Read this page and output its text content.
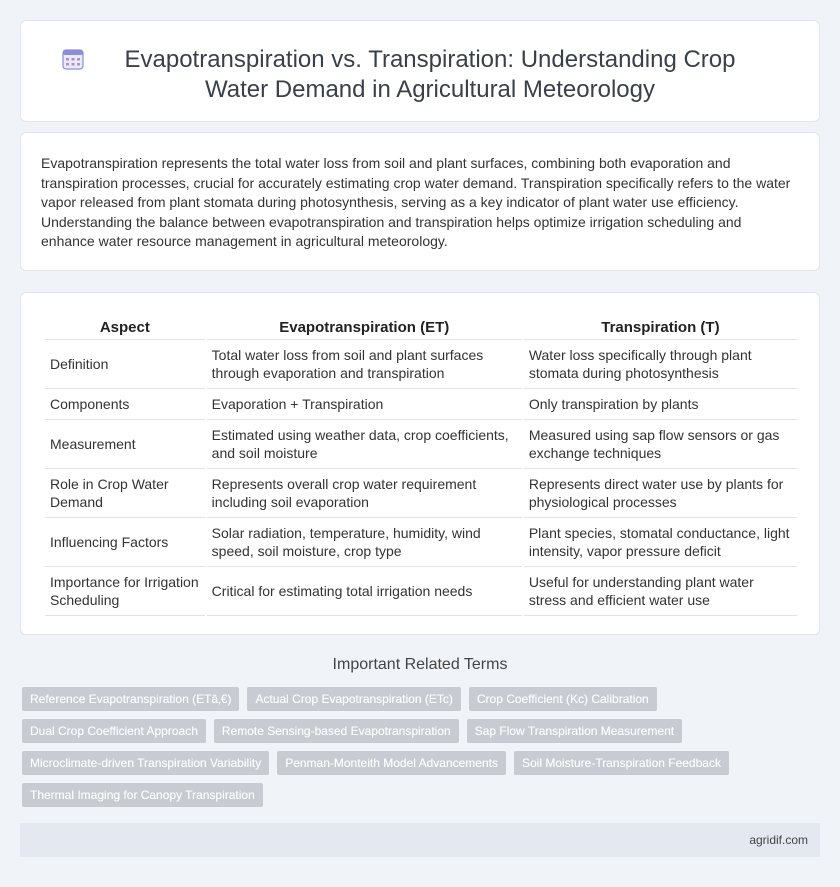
Evapotranspiration vs. Transpiration: Understanding Crop Water Demand in Agricultural Meteorology

Evapotranspiration represents the total water loss from soil and plant surfaces, combining both evaporation and transpiration processes, crucial for accurately estimating crop water demand. Transpiration specifically refers to the water vapor released from plant stomata during photosynthesis, serving as a key indicator of plant water use efficiency. Understanding the balance between evapotranspiration and transpiration helps optimize irrigation scheduling and enhance water resource management in agricultural meteorology.

Aspect	Evapotranspiration (ET)	Transpiration (T)
Definition	Total water loss from soil and plant surfaces through evaporation and transpiration	Water loss specifically through plant stomata during photosynthesis
Components	Evaporation + Transpiration	Only transpiration by plants
Measurement	Estimated using weather data, crop coefficients, and soil moisture	Measured using sap flow sensors or gas exchange techniques
Role in Crop Water Demand	Represents overall crop water requirement including soil evaporation	Represents direct water use by plants for physiological processes
Influencing Factors	Solar radiation, temperature, humidity, wind speed, soil moisture, crop type	Plant species, stomatal conductance, light intensity, vapor pressure deficit
Importance for Irrigation Scheduling	Critical for estimating total irrigation needs	Useful for understanding plant water stress and efficient water use
Important Related Terms
Reference Evapotranspiration (ETâ‚€)	Actual Crop Evapotranspiration (ETc)	Crop Coefficient (Kc) Calibration
Dual Crop Coefficient Approach	Remote Sensing-based Evapotranspiration	Sap Flow Transpiration Measurement
Microclimate-driven Transpiration Variability	Penman-Monteith Model Advancements	Soil Moisture-Transpiration Feedback
Thermal Imaging for Canopy Transpiration
agridif.com
